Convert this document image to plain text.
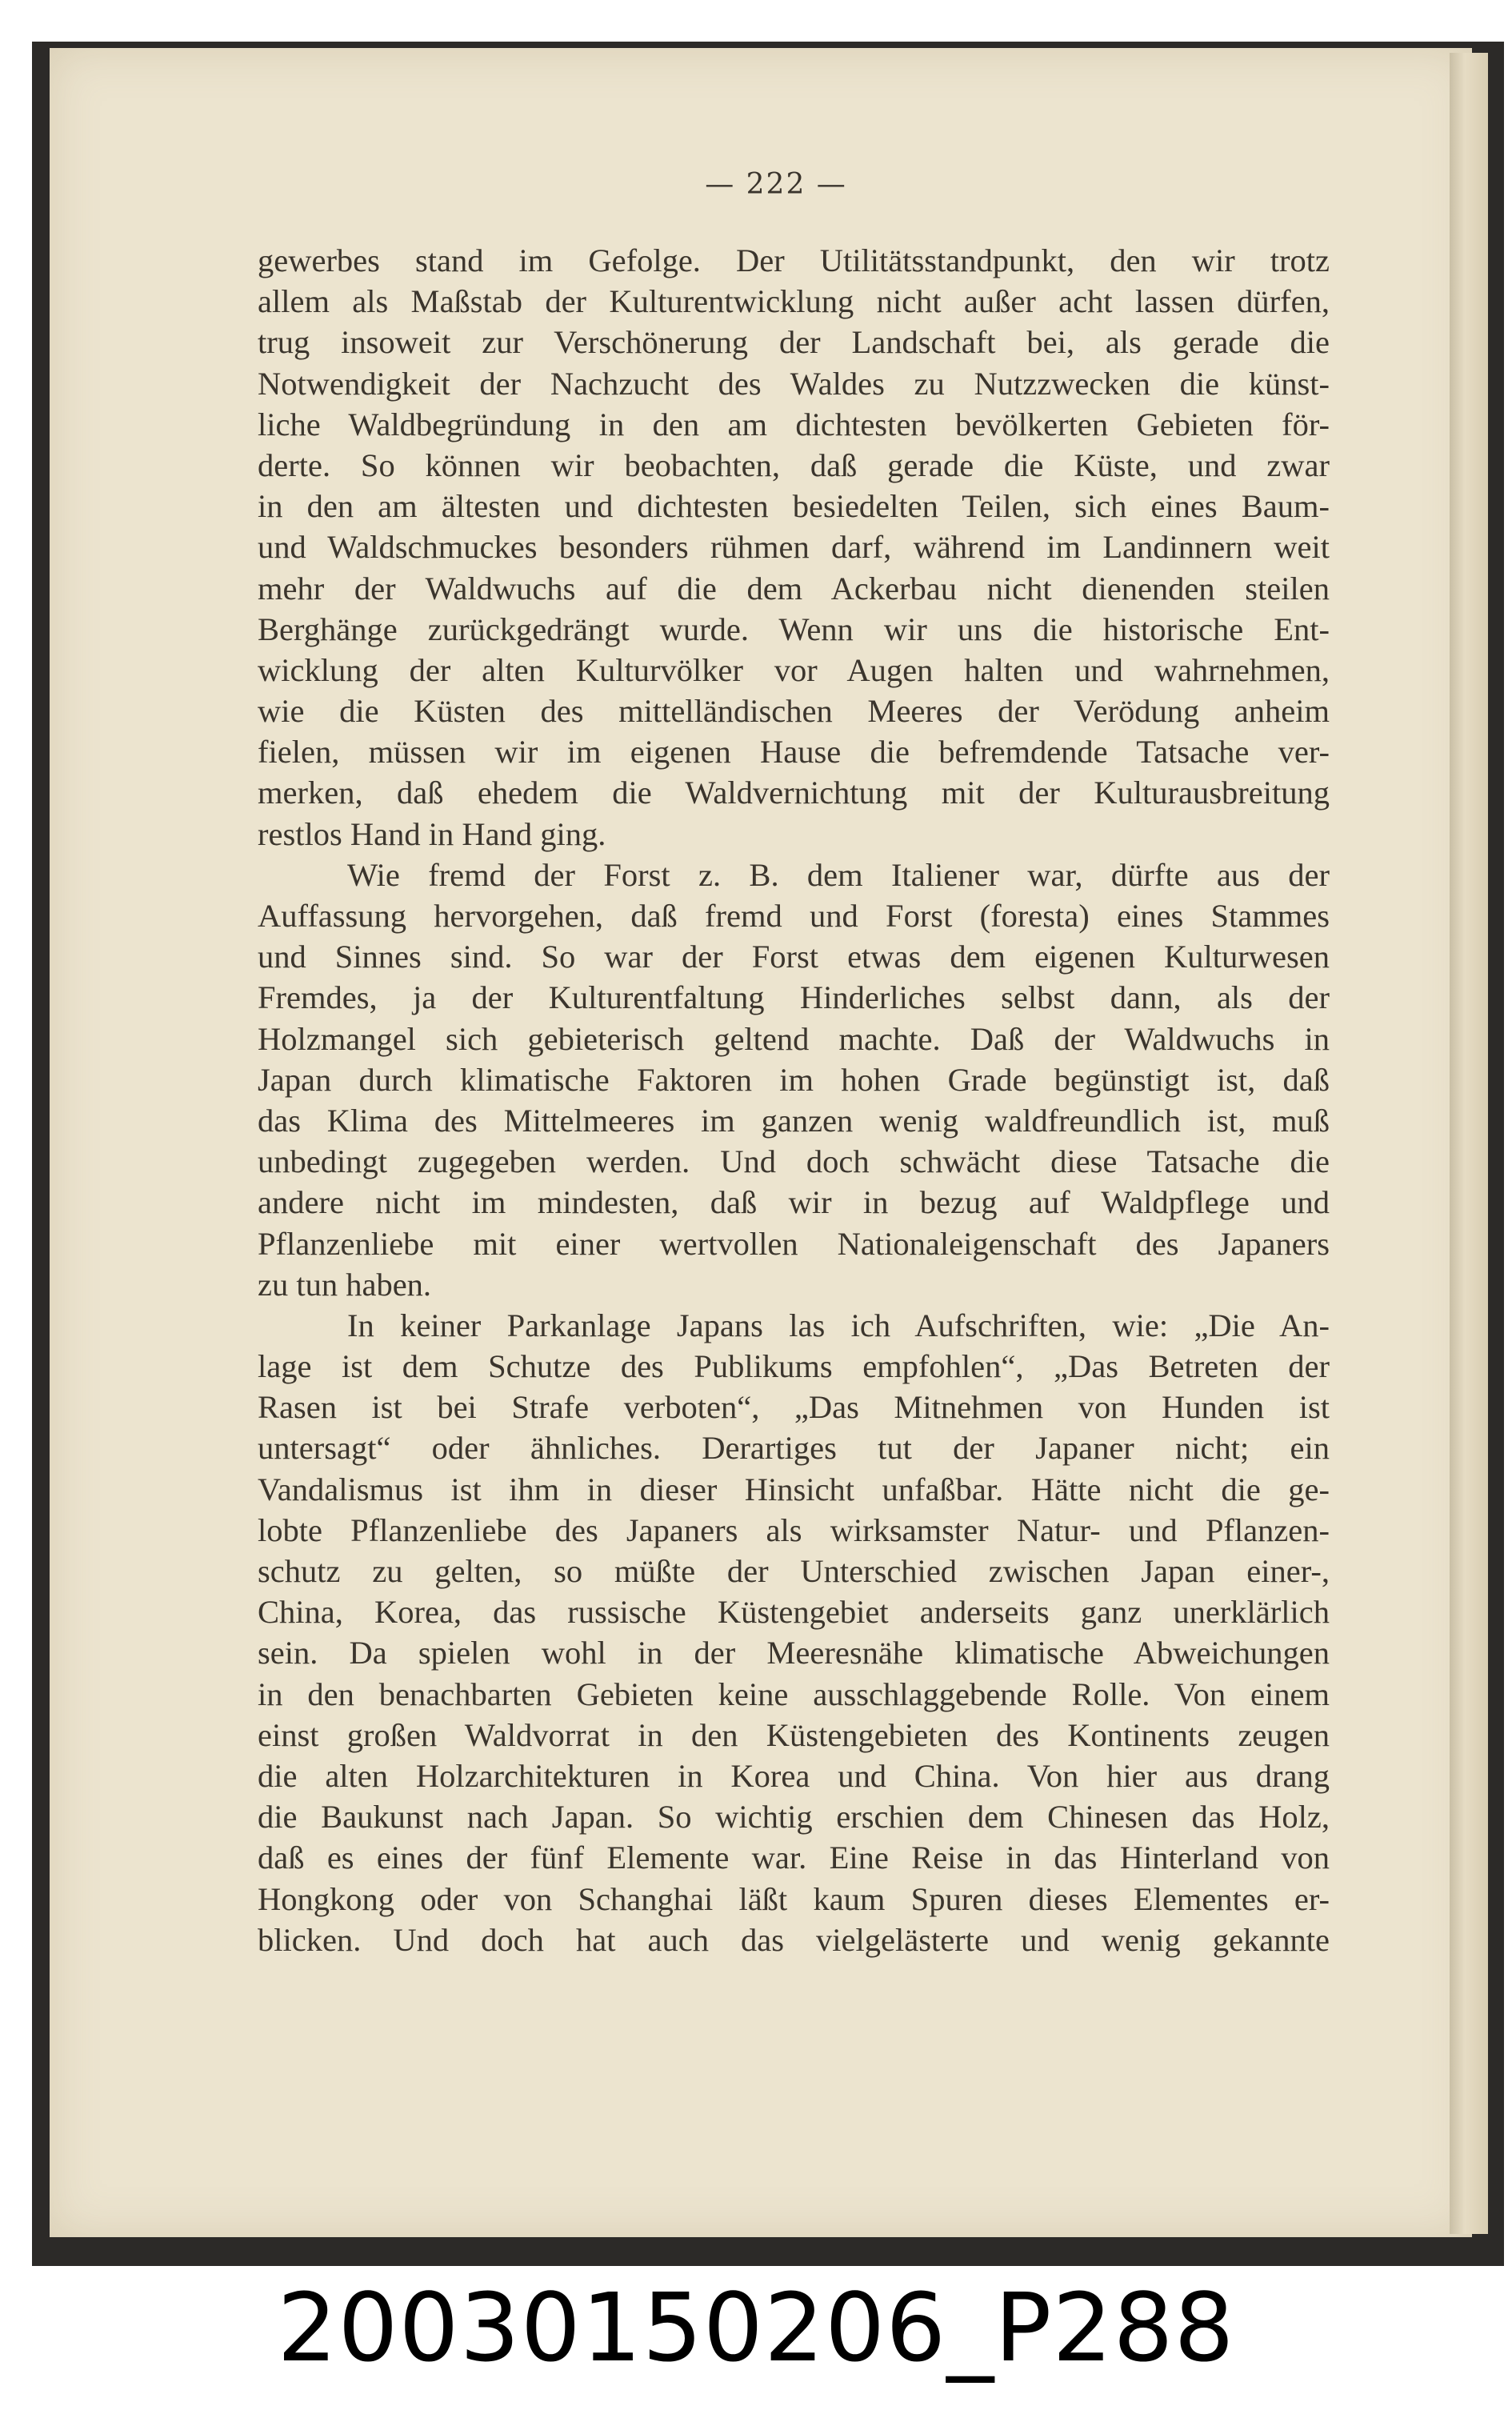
— 222 —
gewerbes stand im Gefolge. Der Utilitätsstandpunkt, den wir trotz
allem als Maßstab der Kulturentwicklung nicht außer acht lassen dürfen,
trug insoweit zur Verschönerung der Landschaft bei, als gerade die
Notwendigkeit der Nachzucht des Waldes zu Nutzzwecken die künst-
liche Waldbegründung in den am dichtesten bevölkerten Gebieten för-
derte. So können wir beobachten, daß gerade die Küste, und zwar
in den am ältesten und dichtesten besiedelten Teilen, sich eines Baum-
und Waldschmuckes besonders rühmen darf, während im Landinnern weit
mehr der Waldwuchs auf die dem Ackerbau nicht dienenden steilen
Berghänge zurückgedrängt wurde. Wenn wir uns die historische Ent-
wicklung der alten Kulturvölker vor Augen halten und wahrnehmen,
wie die Küsten des mittelländischen Meeres der Verödung anheim
fielen, müssen wir im eigenen Hause die befremdende Tatsache ver-
merken, daß ehedem die Waldvernichtung mit der Kulturausbreitung
restlos Hand in Hand ging.
Wie fremd der Forst z. B. dem Italiener war, dürfte aus der
Auffassung hervorgehen, daß fremd und Forst (foresta) eines Stammes
und Sinnes sind. So war der Forst etwas dem eigenen Kulturwesen
Fremdes, ja der Kulturentfaltung Hinderliches selbst dann, als der
Holzmangel sich gebieterisch geltend machte. Daß der Waldwuchs in
Japan durch klimatische Faktoren im hohen Grade begünstigt ist, daß
das Klima des Mittelmeeres im ganzen wenig waldfreundlich ist, muß
unbedingt zugegeben werden. Und doch schwächt diese Tatsache die
andere nicht im mindesten, daß wir in bezug auf Waldpflege und
Pflanzenliebe mit einer wertvollen Nationaleigenschaft des Japaners
zu tun haben.
In keiner Parkanlage Japans las ich Aufschriften, wie: „Die An-
lage ist dem Schutze des Publikums empfohlen“, „Das Betreten der
Rasen ist bei Strafe verboten“, „Das Mitnehmen von Hunden ist
untersagt“ oder ähnliches. Derartiges tut der Japaner nicht; ein
Vandalismus ist ihm in dieser Hinsicht unfaßbar. Hätte nicht die ge-
lobte Pflanzenliebe des Japaners als wirksamster Natur- und Pflanzen-
schutz zu gelten, so müßte der Unterschied zwischen Japan einer-,
China, Korea, das russische Küstengebiet anderseits ganz unerklärlich
sein. Da spielen wohl in der Meeresnähe klimatische Abweichungen
in den benachbarten Gebieten keine ausschlaggebende Rolle. Von einem
einst großen Waldvorrat in den Küstengebieten des Kontinents zeugen
die alten Holzarchitekturen in Korea und China. Von hier aus drang
die Baukunst nach Japan. So wichtig erschien dem Chinesen das Holz,
daß es eines der fünf Elemente war. Eine Reise in das Hinterland von
Hongkong oder von Schanghai läßt kaum Spuren dieses Elementes er-
blicken. Und doch hat auch das vielgelästerte und wenig gekannte
20030150206_P288
